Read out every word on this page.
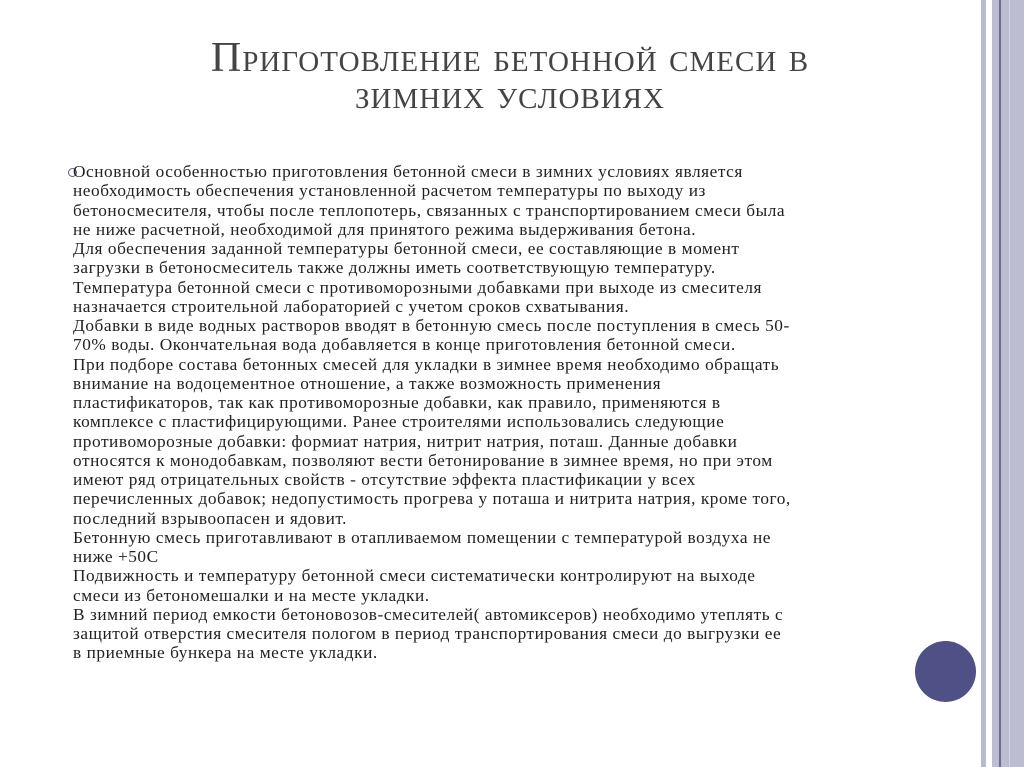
Приготовление бетонной смеси в
зимних условиях
Основной особенностью приготовления бетонной смеси в зимних условиях является
необходимость обеспечения установленной расчетом температуры по выходу из
бетоносмесителя, чтобы после теплопотерь, связанных с транспортированием смеси была
не ниже расчетной, необходимой для принятого режима выдерживания бетона.
Для обеспечения заданной температуры бетонной смеси, ее составляющие в момент
загрузки в бетоносмеситель также должны иметь соответствующую температуру.
Температура бетонной смеси с противоморозными добавками при выходе из смесителя
назначается строительной лабораторией с учетом сроков схватывания.
Добавки в виде водных растворов вводят в бетонную смесь после поступления в смесь 50-
70% воды. Окончательная вода добавляется в конце приготовления бетонной смеси.
При подборе состава бетонных смесей для укладки в зимнее время необходимо обращать
внимание на водоцементное отношение, а также возможность применения
пластификаторов, так как противоморозные добавки, как правило, применяются в
комплексе с пластифицирующими. Ранее строителями использовались следующие
противоморозные добавки: формиат натрия, нитрит натрия, поташ. Данные добавки
относятся к монодобавкам, позволяют вести бетонирование в зимнее время, но при этом
имеют ряд отрицательных свойств - отсутствие эффекта пластификации у всех
перечисленных добавок; недопустимость прогрева у поташа и нитрита натрия, кроме того,
последний взрывоопасен и ядовит.
Бетонную смесь приготавливают в отапливаемом помещении с температурой воздуха не
ниже +50С
Подвижность и температуру бетонной смеси систематически контролируют на выходе
смеси из бетономешалки и на месте укладки.
В зимний период емкости бетоновозов-смесителей( автомиксеров) необходимо утеплять с
защитой отверстия смесителя пологом в период транспортирования смеси до выгрузки ее
в приемные бункера на месте укладки.
